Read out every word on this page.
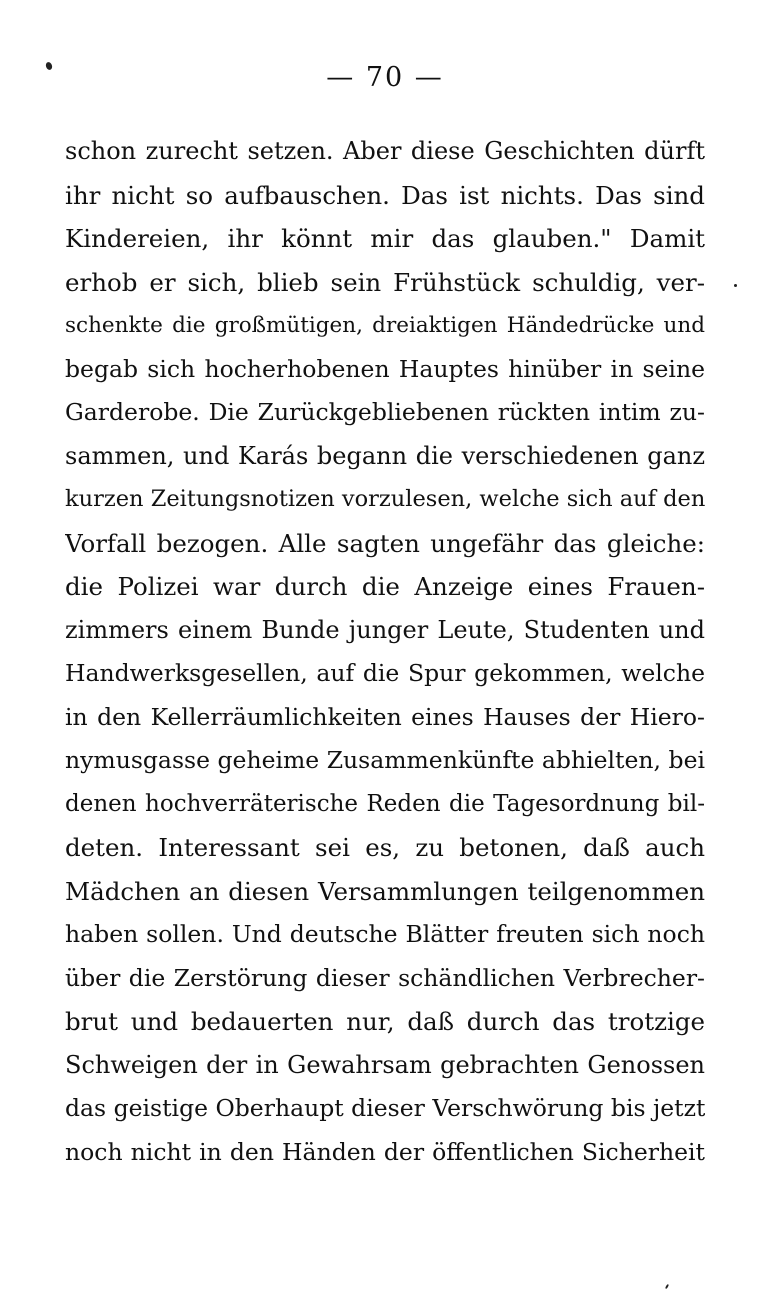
— 70 —
schon zurecht setzen. Aber diese Geschichten dürft
ihr nicht so aufbauschen. Das ist nichts. Das sind
Kindereien, ihr könnt mir das glauben." Damit
erhob er sich, blieb sein Frühstück schuldig, ver-
schenkte die großmütigen, dreiaktigen Händedrücke und
begab sich hocherhobenen Hauptes hinüber in seine
Garderobe. Die Zurückgebliebenen rückten intim zu-
sammen, und Karás begann die verschiedenen ganz
kurzen Zeitungsnotizen vorzulesen, welche sich auf den
Vorfall bezogen. Alle sagten ungefähr das gleiche:
die Polizei war durch die Anzeige eines Frauen-
zimmers einem Bunde junger Leute, Studenten und
Handwerksgesellen, auf die Spur gekommen, welche
in den Kellerräumlichkeiten eines Hauses der Hiero-
nymusgasse geheime Zusammenkünfte abhielten, bei
denen hochverräterische Reden die Tagesordnung bil-
deten. Interessant sei es, zu betonen, daß auch
Mädchen an diesen Versammlungen teilgenommen
haben sollen. Und deutsche Blätter freuten sich noch
über die Zerstörung dieser schändlichen Verbrecher-
brut und bedauerten nur, daß durch das trotzige
Schweigen der in Gewahrsam gebrachten Genossen
das geistige Oberhaupt dieser Verschwörung bis jetzt
noch nicht in den Händen der öffentlichen Sicherheit
